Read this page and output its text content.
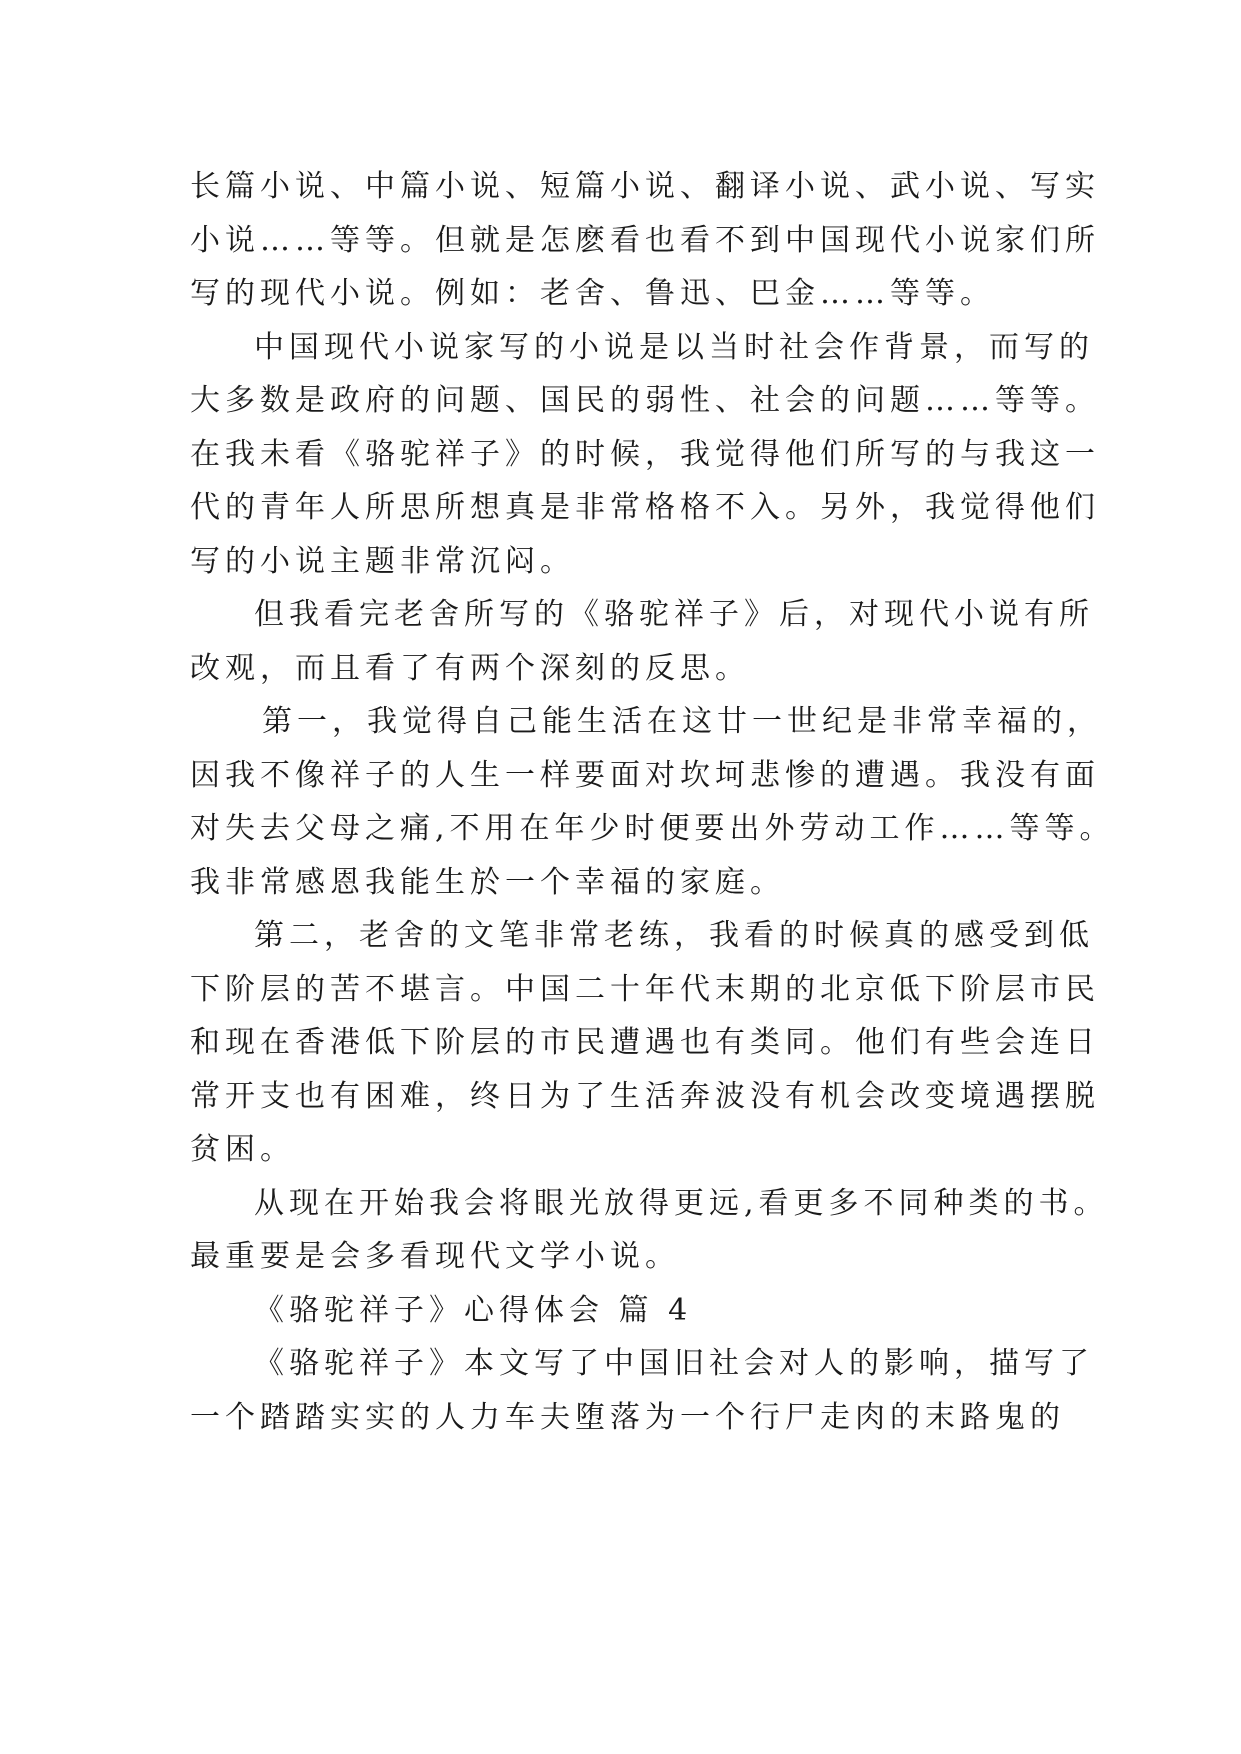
长篇小说、中篇小说、短篇小说、翻译小说、武小说、写实
小说……等等。但就是怎麽看也看不到中国现代小说家们所
写的现代小说。例如：老舍、鲁迅、巴金……等等。

中国现代小说家写的小说是以当时社会作背景，而写的
大多数是政府的问题、国民的弱性、社会的问题……等等。
在我未看《骆驼祥子》的时候，我觉得他们所写的与我这一
代的青年人所思所想真是非常格格不入。另外，我觉得他们
写的小说主题非常沉闷。

但我看完老舍所写的《骆驼祥子》后，对现代小说有所
改观，而且看了有两个深刻的反思。

第一，我觉得自己能生活在这廿一世纪是非常幸福的，
因我不像祥子的人生一样要面对坎坷悲惨的遭遇。我没有面
对失去父母之痛,不用在年少时便要出外劳动工作……等等。
我非常感恩我能生於一个幸福的家庭。

第二，老舍的文笔非常老练，我看的时候真的感受到低
下阶层的苦不堪言。中国二十年代末期的北京低下阶层市民
和现在香港低下阶层的市民遭遇也有类同。他们有些会连日
常开支也有困难，终日为了生活奔波没有机会改变境遇摆脱
贫困。

从现在开始我会将眼光放得更远,看更多不同种类的书。
最重要是会多看现代文学小说。

《骆驼祥子》心得体会 篇 4

《骆驼祥子》本文写了中国旧社会对人的影响，描写了
一个踏踏实实的人力车夫堕落为一个行尸走肉的末路鬼的
